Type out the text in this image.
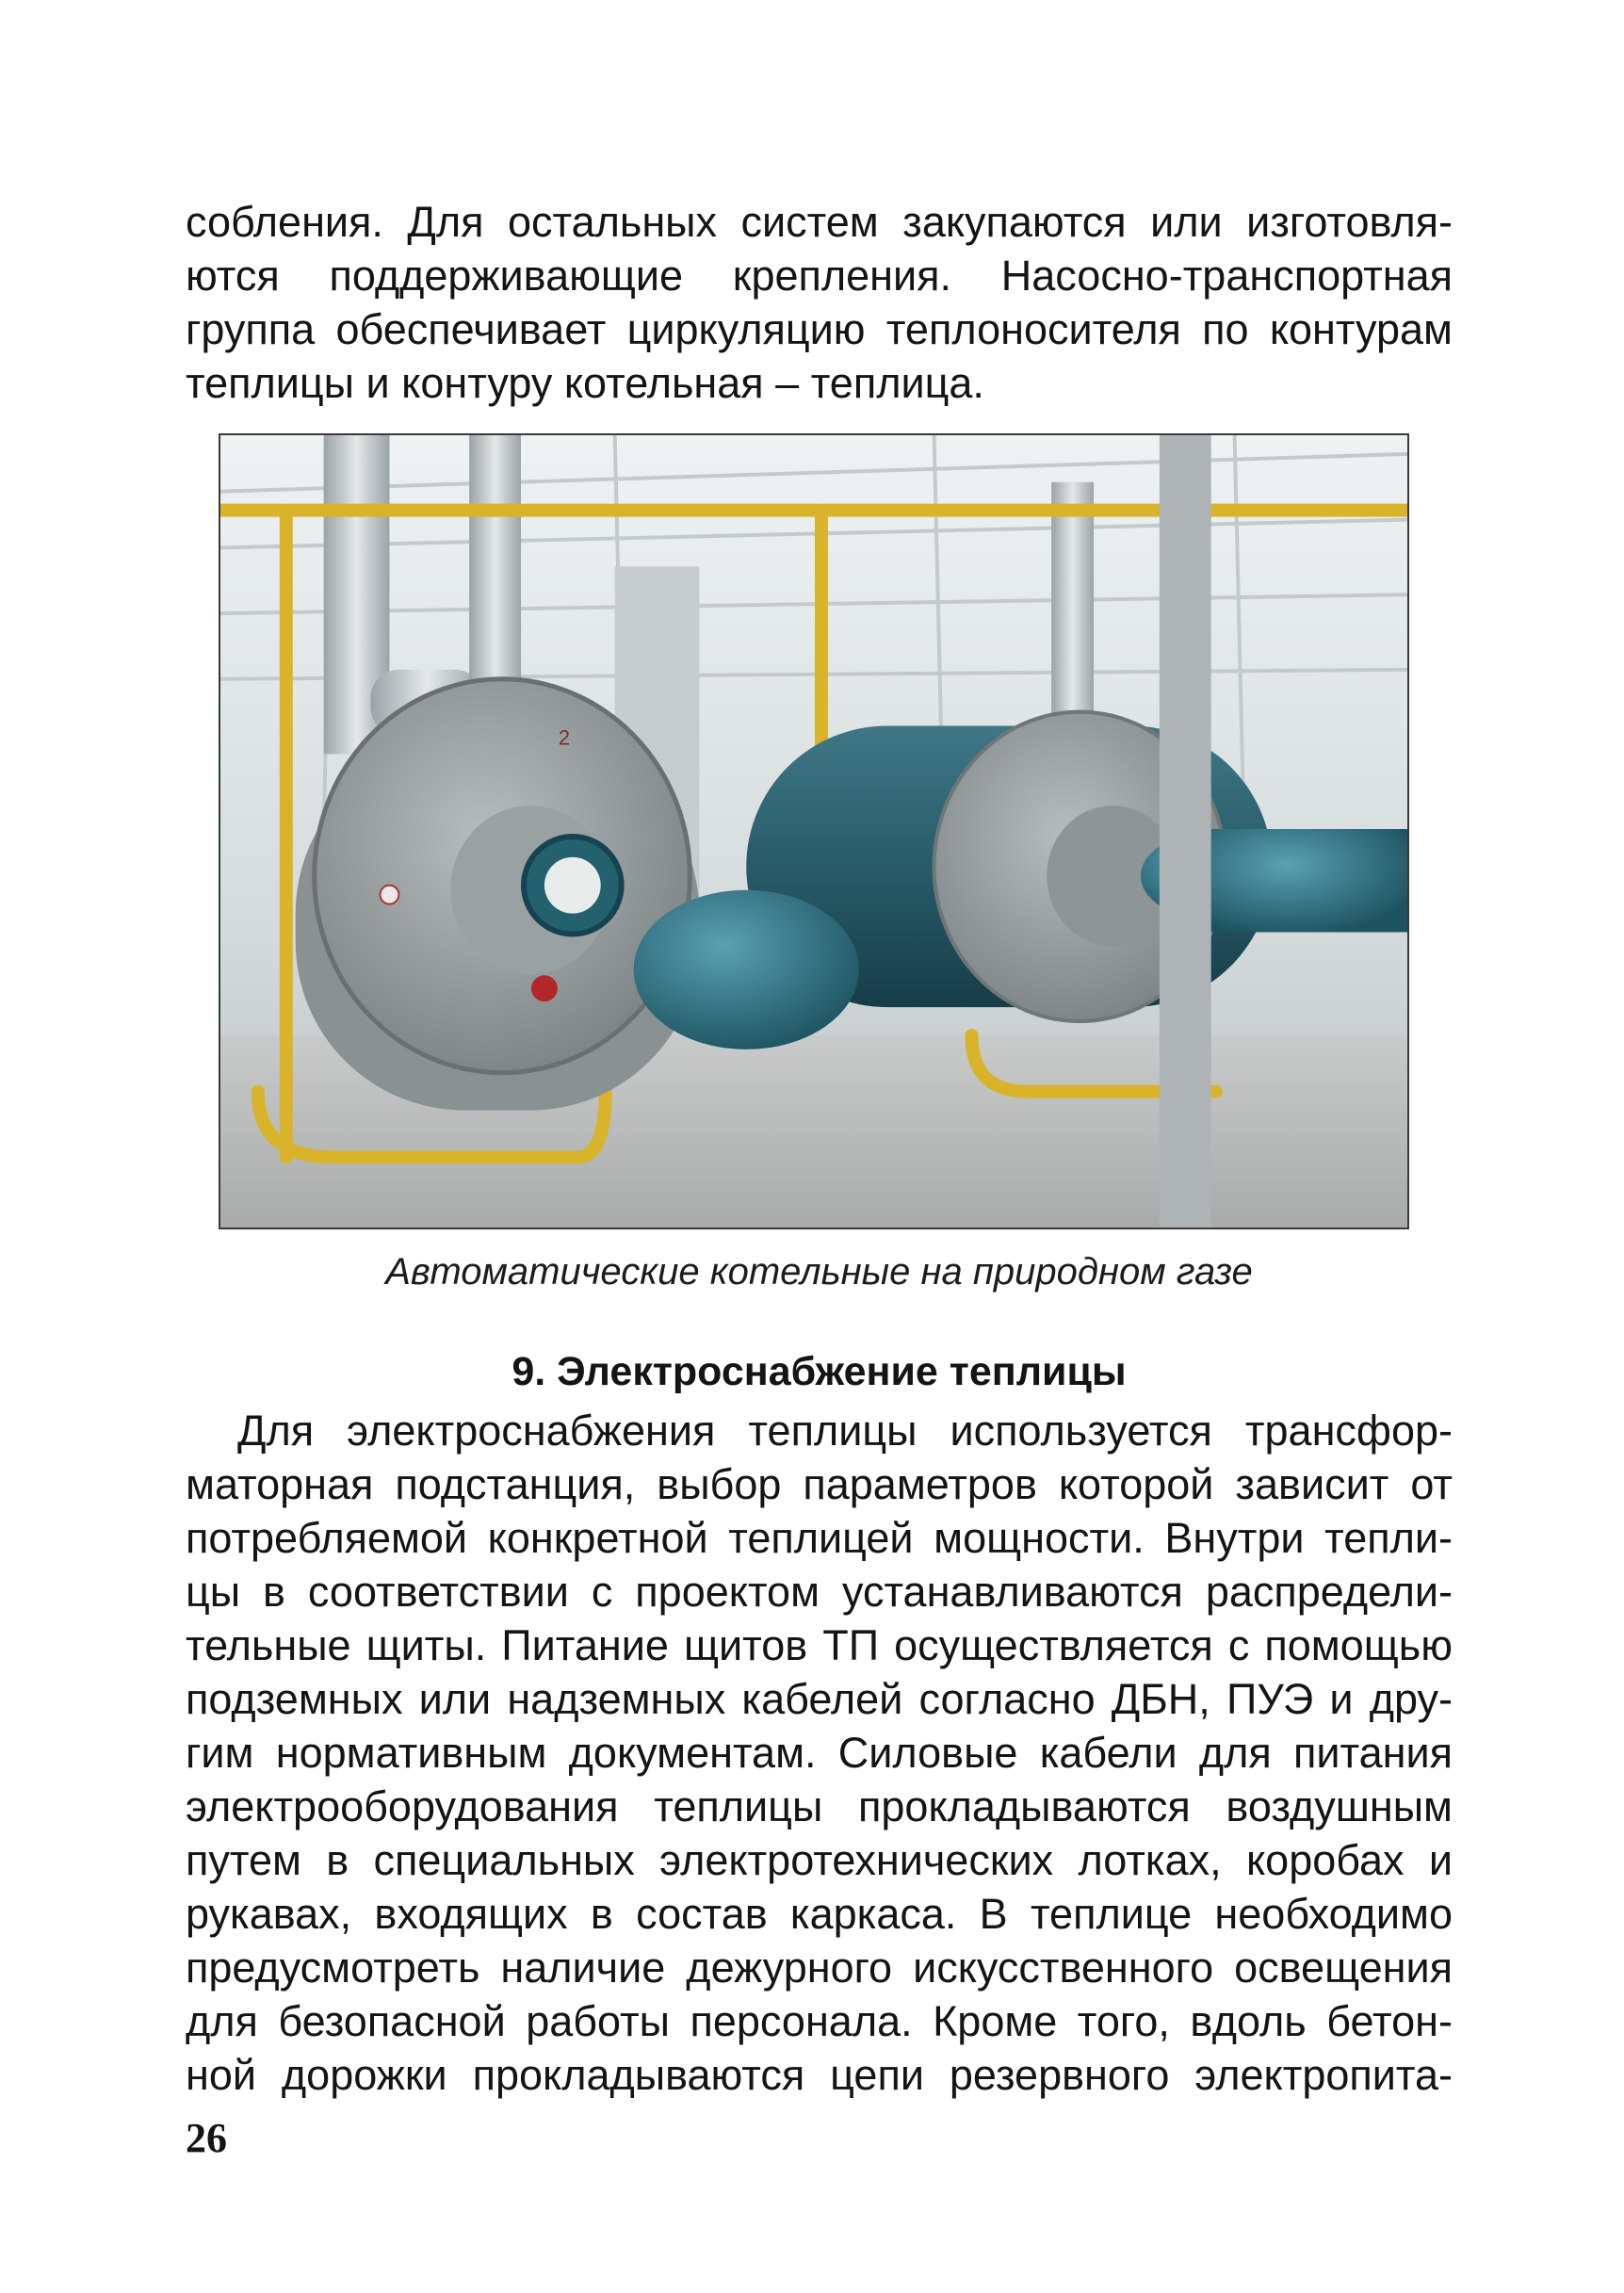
собления. Для остальных систем закупаются или изготовля-
ются поддерживающие крепления. Насосно-транспортная
группа обеспечивает циркуляцию теплоносителя по контурам
теплицы и контуру котельная – теплица.
2
Автоматические котельные на природном газе
9. Электроснабжение теплицы
Для электроснабжения теплицы используется трансфор-
маторная подстанция, выбор параметров которой зависит от
потребляемой конкретной теплицей мощности. Внутри тепли-
цы в соответствии с проектом устанавливаются распредели-
тельные щиты. Питание щитов ТП осуществляется с помощью
подземных или надземных кабелей согласно ДБН, ПУЭ и дру-
гим нормативным документам. Силовые кабели для питания
электрооборудования теплицы прокладываются воздушным
путем в специальных электротехнических лотках, коробах и
рукавах, входящих в состав каркаса. В теплице необходимо
предусмотреть наличие дежурного искусственного освещения
для безопасной работы персонала. Кроме того, вдоль бетон-
ной дорожки прокладываются цепи резервного электропита-
26
